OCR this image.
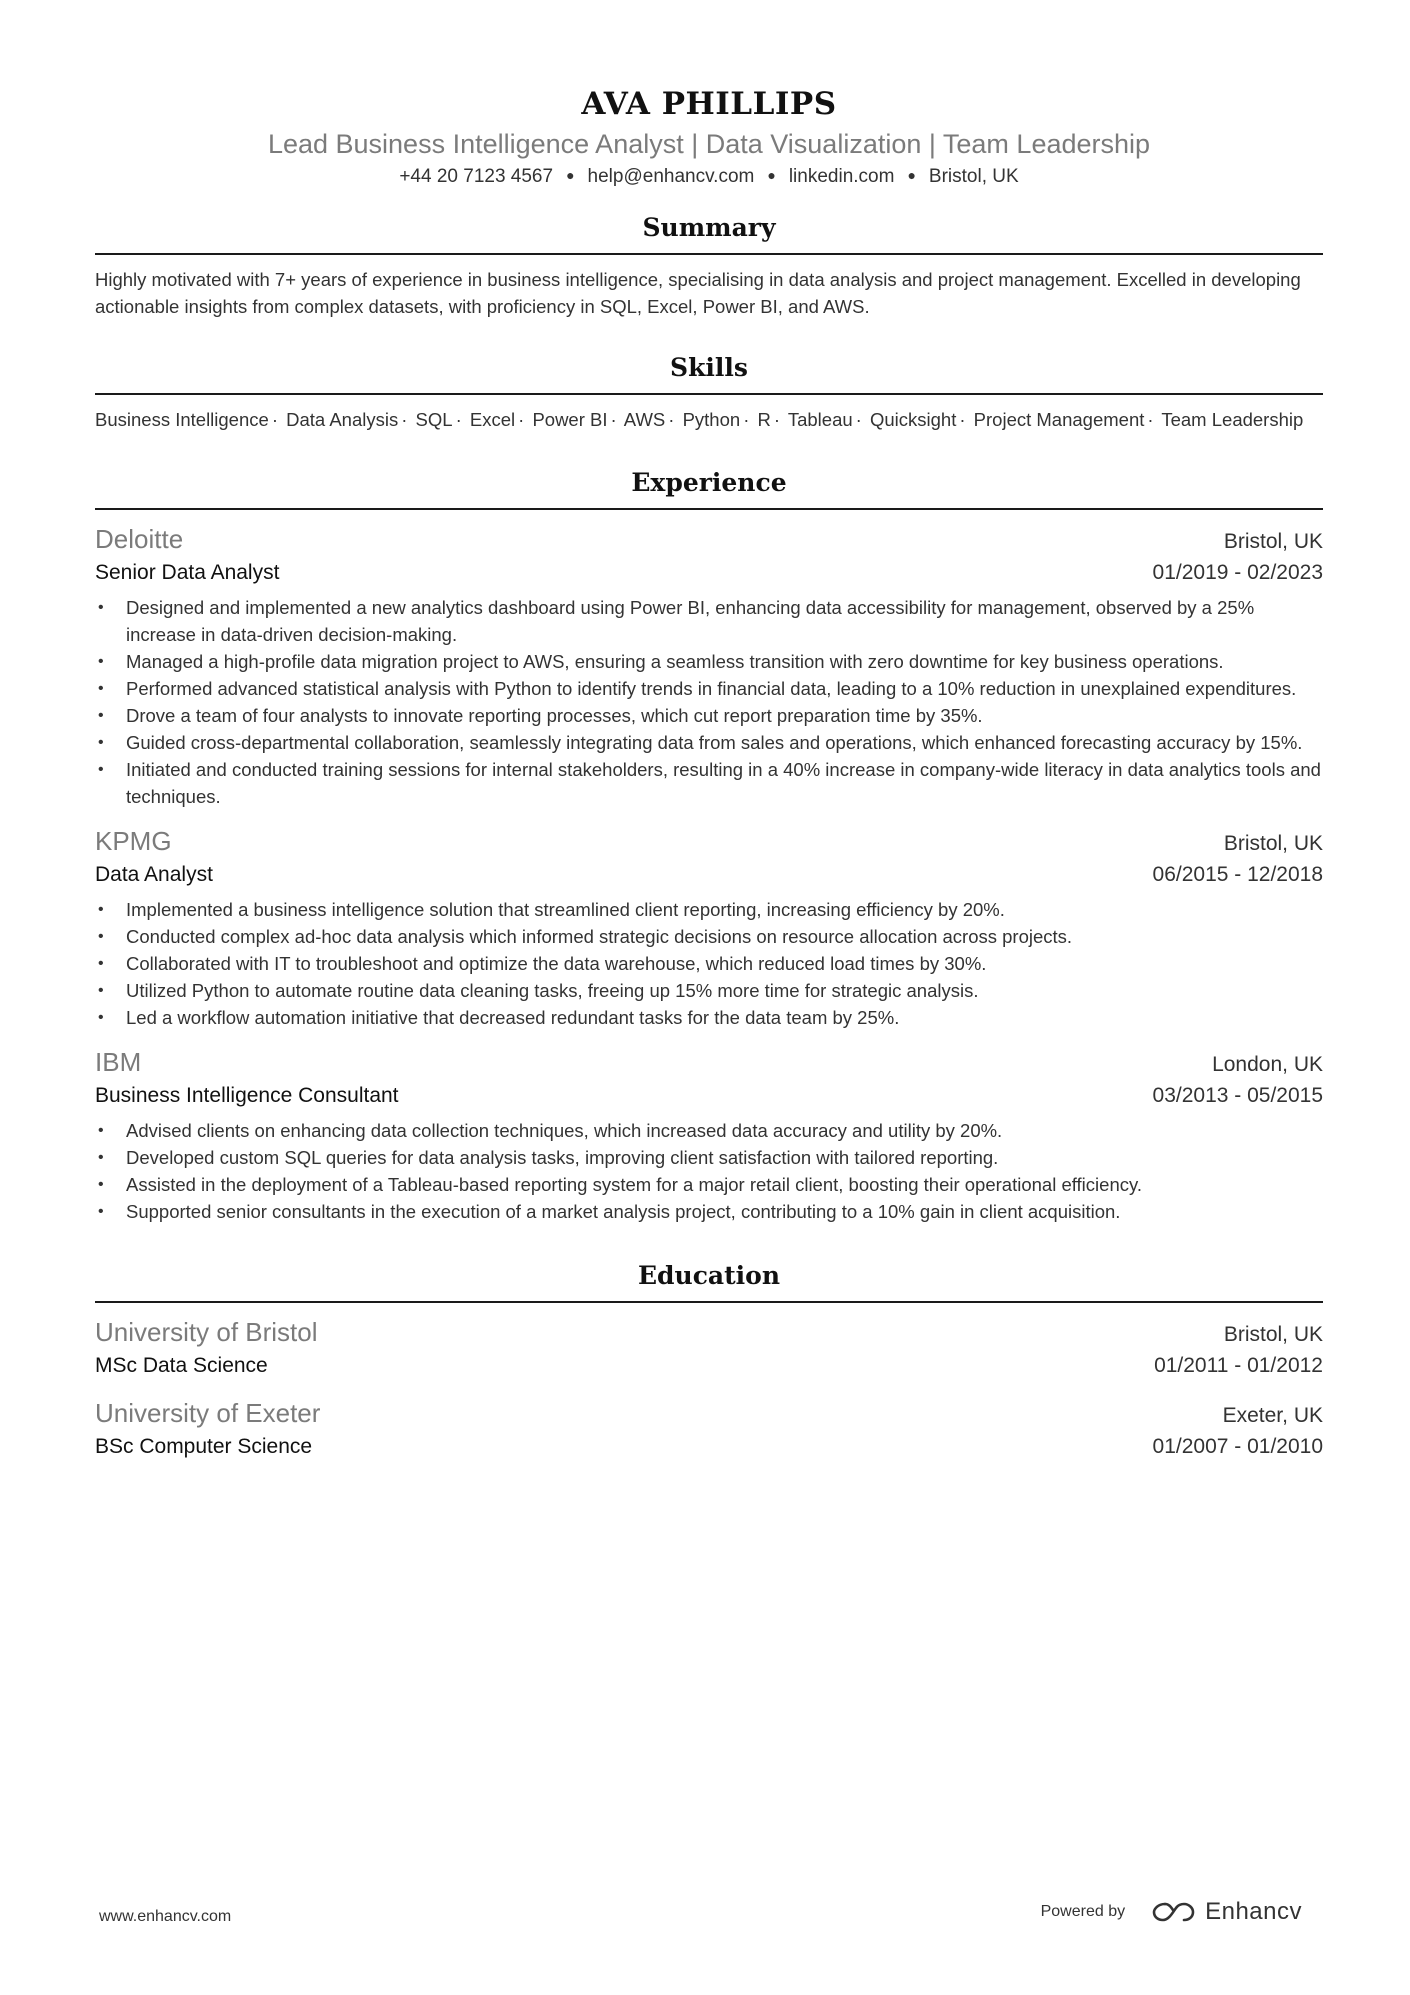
AVA PHILLIPS
Lead Business Intelligence Analyst | Data Visualization | Team Leadership
+44 20 7123 4567 ● help@enhancv.com ● linkedin.com ● Bristol, UK
Summary
Highly motivated with 7+ years of experience in business intelligence, specialising in data analysis and project management. Excelled in developing actionable insights from complex datasets, with proficiency in SQL, Excel, Power BI, and AWS.
Skills
Business Intelligence · Data Analysis · SQL · Excel · Power BI · AWS · Python · R · Tableau · Quicksight · Project Management · Team Leadership
Experience
Deloitte	Bristol, UK
Senior Data Analyst	01/2019 - 02/2023
• Designed and implemented a new analytics dashboard using Power BI, enhancing data accessibility for management, observed by a 25% increase in data-driven decision-making.
• Managed a high-profile data migration project to AWS, ensuring a seamless transition with zero downtime for key business operations.
• Performed advanced statistical analysis with Python to identify trends in financial data, leading to a 10% reduction in unexplained expenditures.
• Drove a team of four analysts to innovate reporting processes, which cut report preparation time by 35%.
• Guided cross-departmental collaboration, seamlessly integrating data from sales and operations, which enhanced forecasting accuracy by 15%.
• Initiated and conducted training sessions for internal stakeholders, resulting in a 40% increase in company-wide literacy in data analytics tools and techniques.
KPMG	Bristol, UK
Data Analyst	06/2015 - 12/2018
• Implemented a business intelligence solution that streamlined client reporting, increasing efficiency by 20%.
• Conducted complex ad-hoc data analysis which informed strategic decisions on resource allocation across projects.
• Collaborated with IT to troubleshoot and optimize the data warehouse, which reduced load times by 30%.
• Utilized Python to automate routine data cleaning tasks, freeing up 15% more time for strategic analysis.
• Led a workflow automation initiative that decreased redundant tasks for the data team by 25%.
IBM	London, UK
Business Intelligence Consultant	03/2013 - 05/2015
• Advised clients on enhancing data collection techniques, which increased data accuracy and utility by 20%.
• Developed custom SQL queries for data analysis tasks, improving client satisfaction with tailored reporting.
• Assisted in the deployment of a Tableau-based reporting system for a major retail client, boosting their operational efficiency.
• Supported senior consultants in the execution of a market analysis project, contributing to a 10% gain in client acquisition.
Education
University of Bristol	Bristol, UK
MSc Data Science	01/2011 - 01/2012
University of Exeter	Exeter, UK
BSc Computer Science	01/2007 - 01/2010
www.enhancv.com	Powered by	Enhancv
